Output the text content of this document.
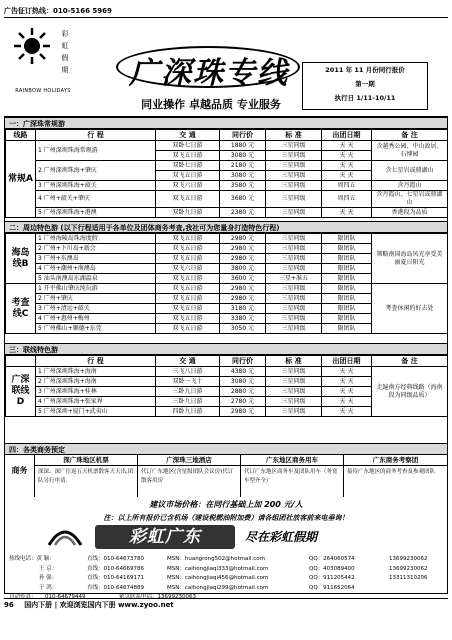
广告征订热线：010-5166 5969
彩
虹
假
期
RAINBOW HOLIDAYS 广深珠专线
同业操作 卓越品质 专业服务
2011 年 11 月份同行报价
第一期
执行日 1/11-10/11
一：广深珠常规游
线路	行 程	交 通	同行价	标 准	出团日期	备 注
常规A	1 广州深圳珠海常规游	双卧七日游	1880 元	三星同级	天 天	含越秀公园、中山故居、石博园
		双飞五日游	3080 元	三星同级	天 天	
	2 广州深圳珠海+肇庆	双卧七日游	2180 元	三星同级	天 天	含七星岩或鼎湖山
		双飞五日游	3080 元	三星同级	天 天	
	3 广州深圳珠海+韶关	双飞六日游	3580 元	三星同级	周四五	含丹霞山
	4 广州+韶关+肇庆	双飞五日游	3680 元	三星同级	周四五	含丹霞山、七星岩或鼎湖山
	5 广州深圳珠海+港澳	双卧九日游	2380 元	三星同级	天 天	香港段为品质
二：周边特色游 (以下行程适用于各单位及团体商务考查,我社可为您量身打造特色行程)
海岛线B	1 广州海陵岛珠海度假	双飞五日游	2980 元	三星同级	限团队	领略南国海岛风光享受美丽夏日阳光
	2 广州+下川岛+新会	双飞五日游	2980 元	三星同级	限团队	
	3 广州+东澳岛	双飞五日游	2980 元	三星同级	限团队	
	4 广州+潮州+南澳岛	双飞六日游	3800 元	三星同级	限团队	
	5 汕头南澳岛东湖温泉	双飞五日游	3600 元	三星+准五	限团队	
考查线C	1 开平佛山肇庆纯玩游	双飞五日游	2980 元	三星同级	限团队	考查休闲的好去处
	2 广州+肇庆	双飞五日游	2980 元	三星同级	限团队	
	3 广州+清远+韶关	双飞五日游	3180 元	三星同级	限团队	
	4 广州+惠州+梅州	双飞五日游	3380 元	三星同级	限团队	
	5 广州佛山+顺德+东莞	双飞五日游	3050 元	三星同级	限团队	
三：联线特色游
	行 程	交 通	同行价	标 准	出团日期	备 注
广深联线D	1 广州深圳珠海+海南	三飞八日游	4380 元	三星同级	天 天	走遍南方经典线路（海南段为同级品质）
	2 广州深圳珠海+海南	双卧一飞十	3080 元	三星同级	天 天	
	3 广州深圳珠海+桂林	三卧九日游	2880 元	三星同级	天 天	
	4 广州深圳珠海+张家界	三卧九日游	2780 元	三星同级	天 天	
	5 广州深圳+厦门+武夷山	四卧九日游	2980 元	三星同级	天 天	
四：各类商务预定
商务
深广珠地区机票
深深、深广往返五天机票散客天天出,团队另行申请.
广深珠三地酒店
代订广东地区(含星级团队会议房)代订散客用房
广东地区商务用车
代订广东地区商务车及团队用车（务宽车型齐全）
广东商务考察团
接待广东地区的商务考查及参观团队
建议市场价格：在同行基础上加 200 元/人
注：以上所有报价已含机场（建设税燃油附加费）请各组团社放客前来电垂询！
彩虹广东	尽在彩虹假期
热线电话：黄 颖：	直线：010-64673780	MSN：huangrong502@hotmail.com	QQ：264060574	13699230062
王 京：	直线：010-64669786	MSN：caihongjiaqi333@hotmail.com	QQ：403089400	13699230062
孙 强：	直线：010-64169171	MSN：caihongjiaqi456@hotmail.com	QQ：911205442	13311310206
于 鸿：	直线：010-64674889	MSN：caihongjiaqi299@hotmail.com	QQ：911652064
自动传真： 010-64679449	紧急联系电话：13699230063
96 国内下册 | 欢迎浏览国内下册 www.zyoo.net
